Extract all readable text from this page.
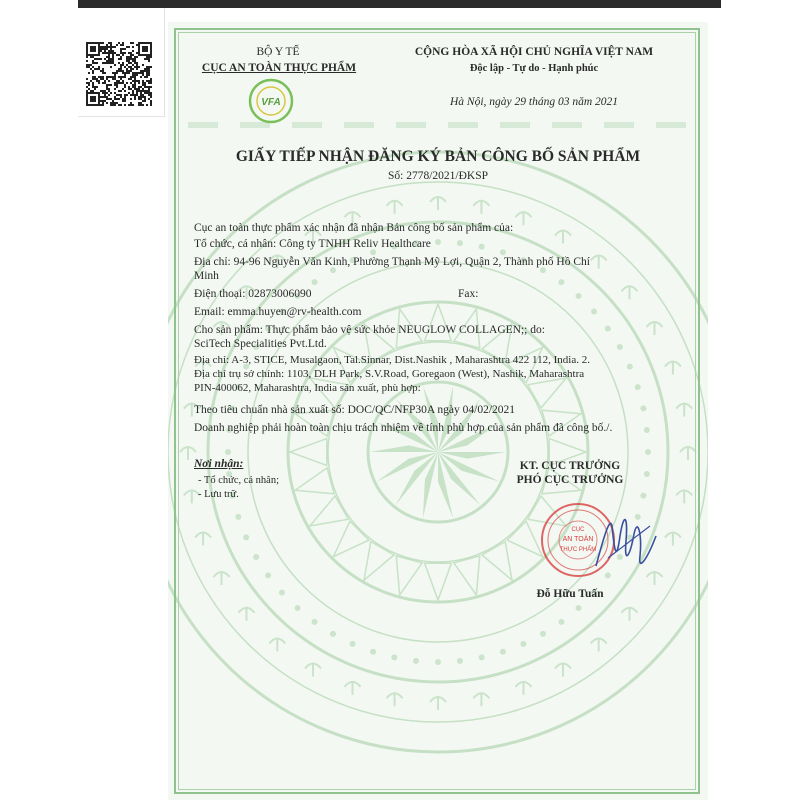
BỘ Y TẾ
CỤC AN TOÀN THỰC PHẨM
VFA
CỘNG HÒA XÃ HỘI CHỦ NGHĨA VIỆT NAM
Độc lập - Tự do - Hạnh phúc
Hà Nội, ngày 29 tháng 03 năm 2021
GIẤY TIẾP NHẬN ĐĂNG KÝ BẢN CÔNG BỐ SẢN PHẨM
Số: 2778/2021/ĐKSP
Cục an toàn thực phẩm xác nhận đã nhận Bản công bố sản phẩm của:
Tổ chức, cá nhân: Công ty TNHH Reliv Healthcare
Địa chỉ: 94-96 Nguyễn Văn Kinh, Phường Thạnh Mỹ Lợi, Quận 2, Thành phố Hồ Chí
Minh
Điện thoại: 02873006090	Fax:
Email: emma.huyen@rv-health.com
Cho sản phẩm: Thực phẩm bảo vệ sức khỏe NEUGLOW COLLAGEN;; do:
SciTech Specialities Pvt.Ltd.
Địa chỉ: A-3, STICE, Musalgaon, Tal.Sinnar, Dist.Nashik , Maharashtra 422 112, India. 2.
Địa chỉ trụ sở chính: 1103, DLH Park, S.V.Road, Goregaon (West), Nashik, Maharashtra
PIN-400062, Maharashtra, India sản xuất, phù hợp:
Theo tiêu chuẩn nhà sản xuất số: DOC/QC/NFP30A ngày 04/02/2021
Doanh nghiệp phải hoàn toàn chịu trách nhiệm về tính phù hợp của sản phẩm đã công bố./.
Nơi nhận:
- Tổ chức, cá nhân;
- Lưu trữ.
KT. CỤC TRƯỞNG
PHÓ CỤC TRƯỞNG
CỤC
AN TOÀN
THỰC PHẨM
Đỗ Hữu Tuấn
